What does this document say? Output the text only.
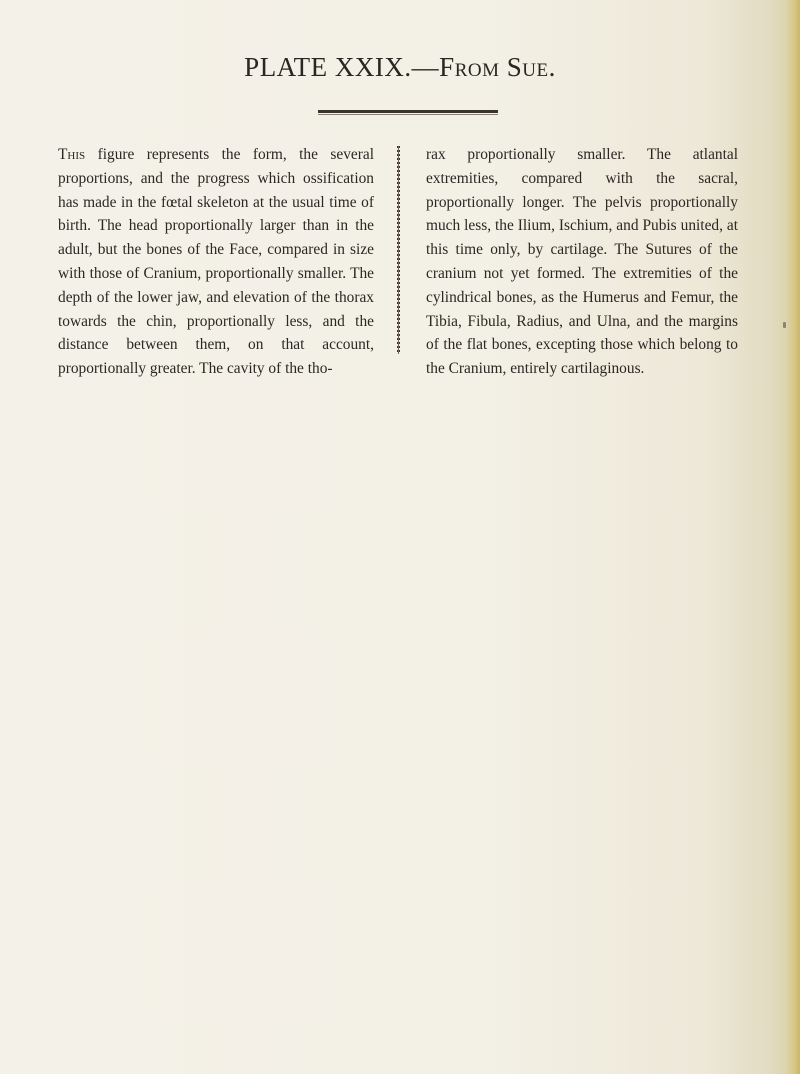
PLATE XXIX.—From Sue.

This figure represents the form, the several proportions, and the progress which ossification has made in the fœtal skeleton at the usual time of birth. The head proportionally larger than in the adult, but the bones of the Face, compared in size with those of Cranium, proportionally smaller. The depth of the lower jaw, and elevation of the thorax towards the chin, proportionally less, and the distance between them, on that account, proportionally greater. The cavity of the tho-

rax proportionally smaller. The atlantal extremities, compared with the sacral, proportionally longer. The pelvis proportionally much less, the Ilium, Ischium, and Pubis united, at this time only, by cartilage. The Sutures of the cranium not yet formed. The extremities of the cylindrical bones, as the Humerus and Femur, the Tibia, Fibula, Radius, and Ulna, and the margins of the flat bones, excepting those which belong to the Cranium, entirely cartilaginous.
